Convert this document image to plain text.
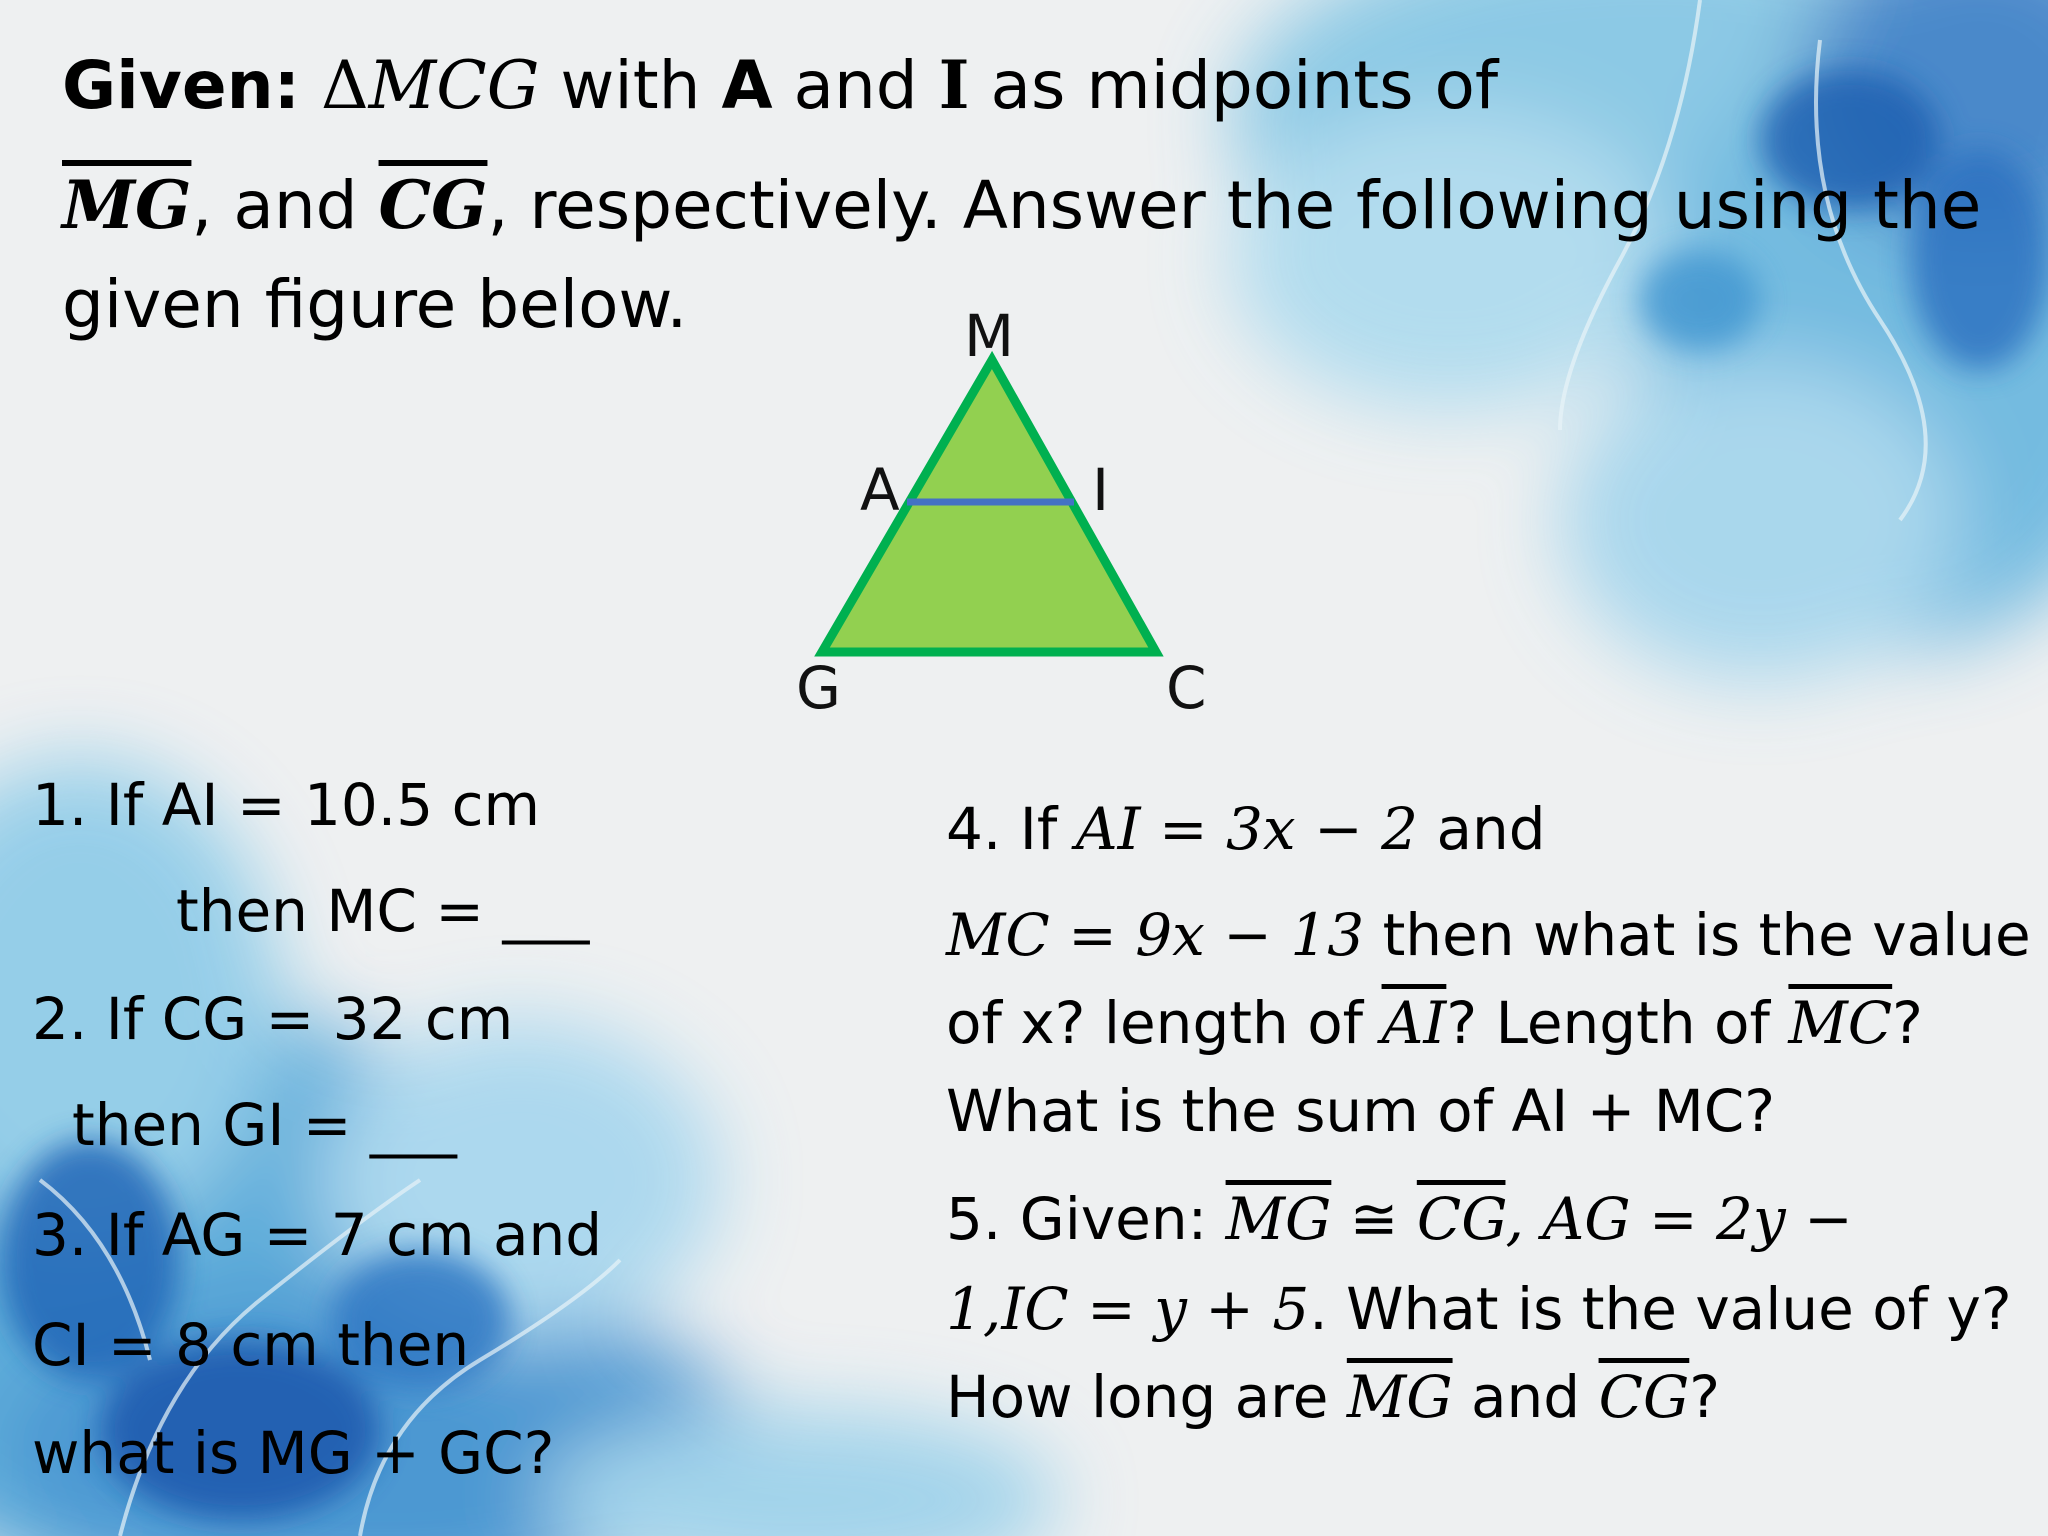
Given: ΔMCG with A and I as midpoints of
$\overline{MG}$, and $\overline{CG}$, respectively. Answer the following using the
given figure below.	M
A	I
G	C
1. If AI = 10.5 cm
then MC = ___
2. If CG = 32 cm
then GI = ___
3. If AG = 7 cm and
CI = 8 cm then
what is MG + GC?
4. If AI = 3x − 2 and
MC = 9x − 13 then what is the value
of x? length of $\overline{AI}$? Length of $\overline{MC}$?
What is the sum of AI + MC?
5. Given: $\overline{MG}$ ≅ $\overline{CG}$, AG = 2y −
1,IC = y + 5. What is the value of y?
How long are $\overline{MG}$ and $\overline{CG}$?
